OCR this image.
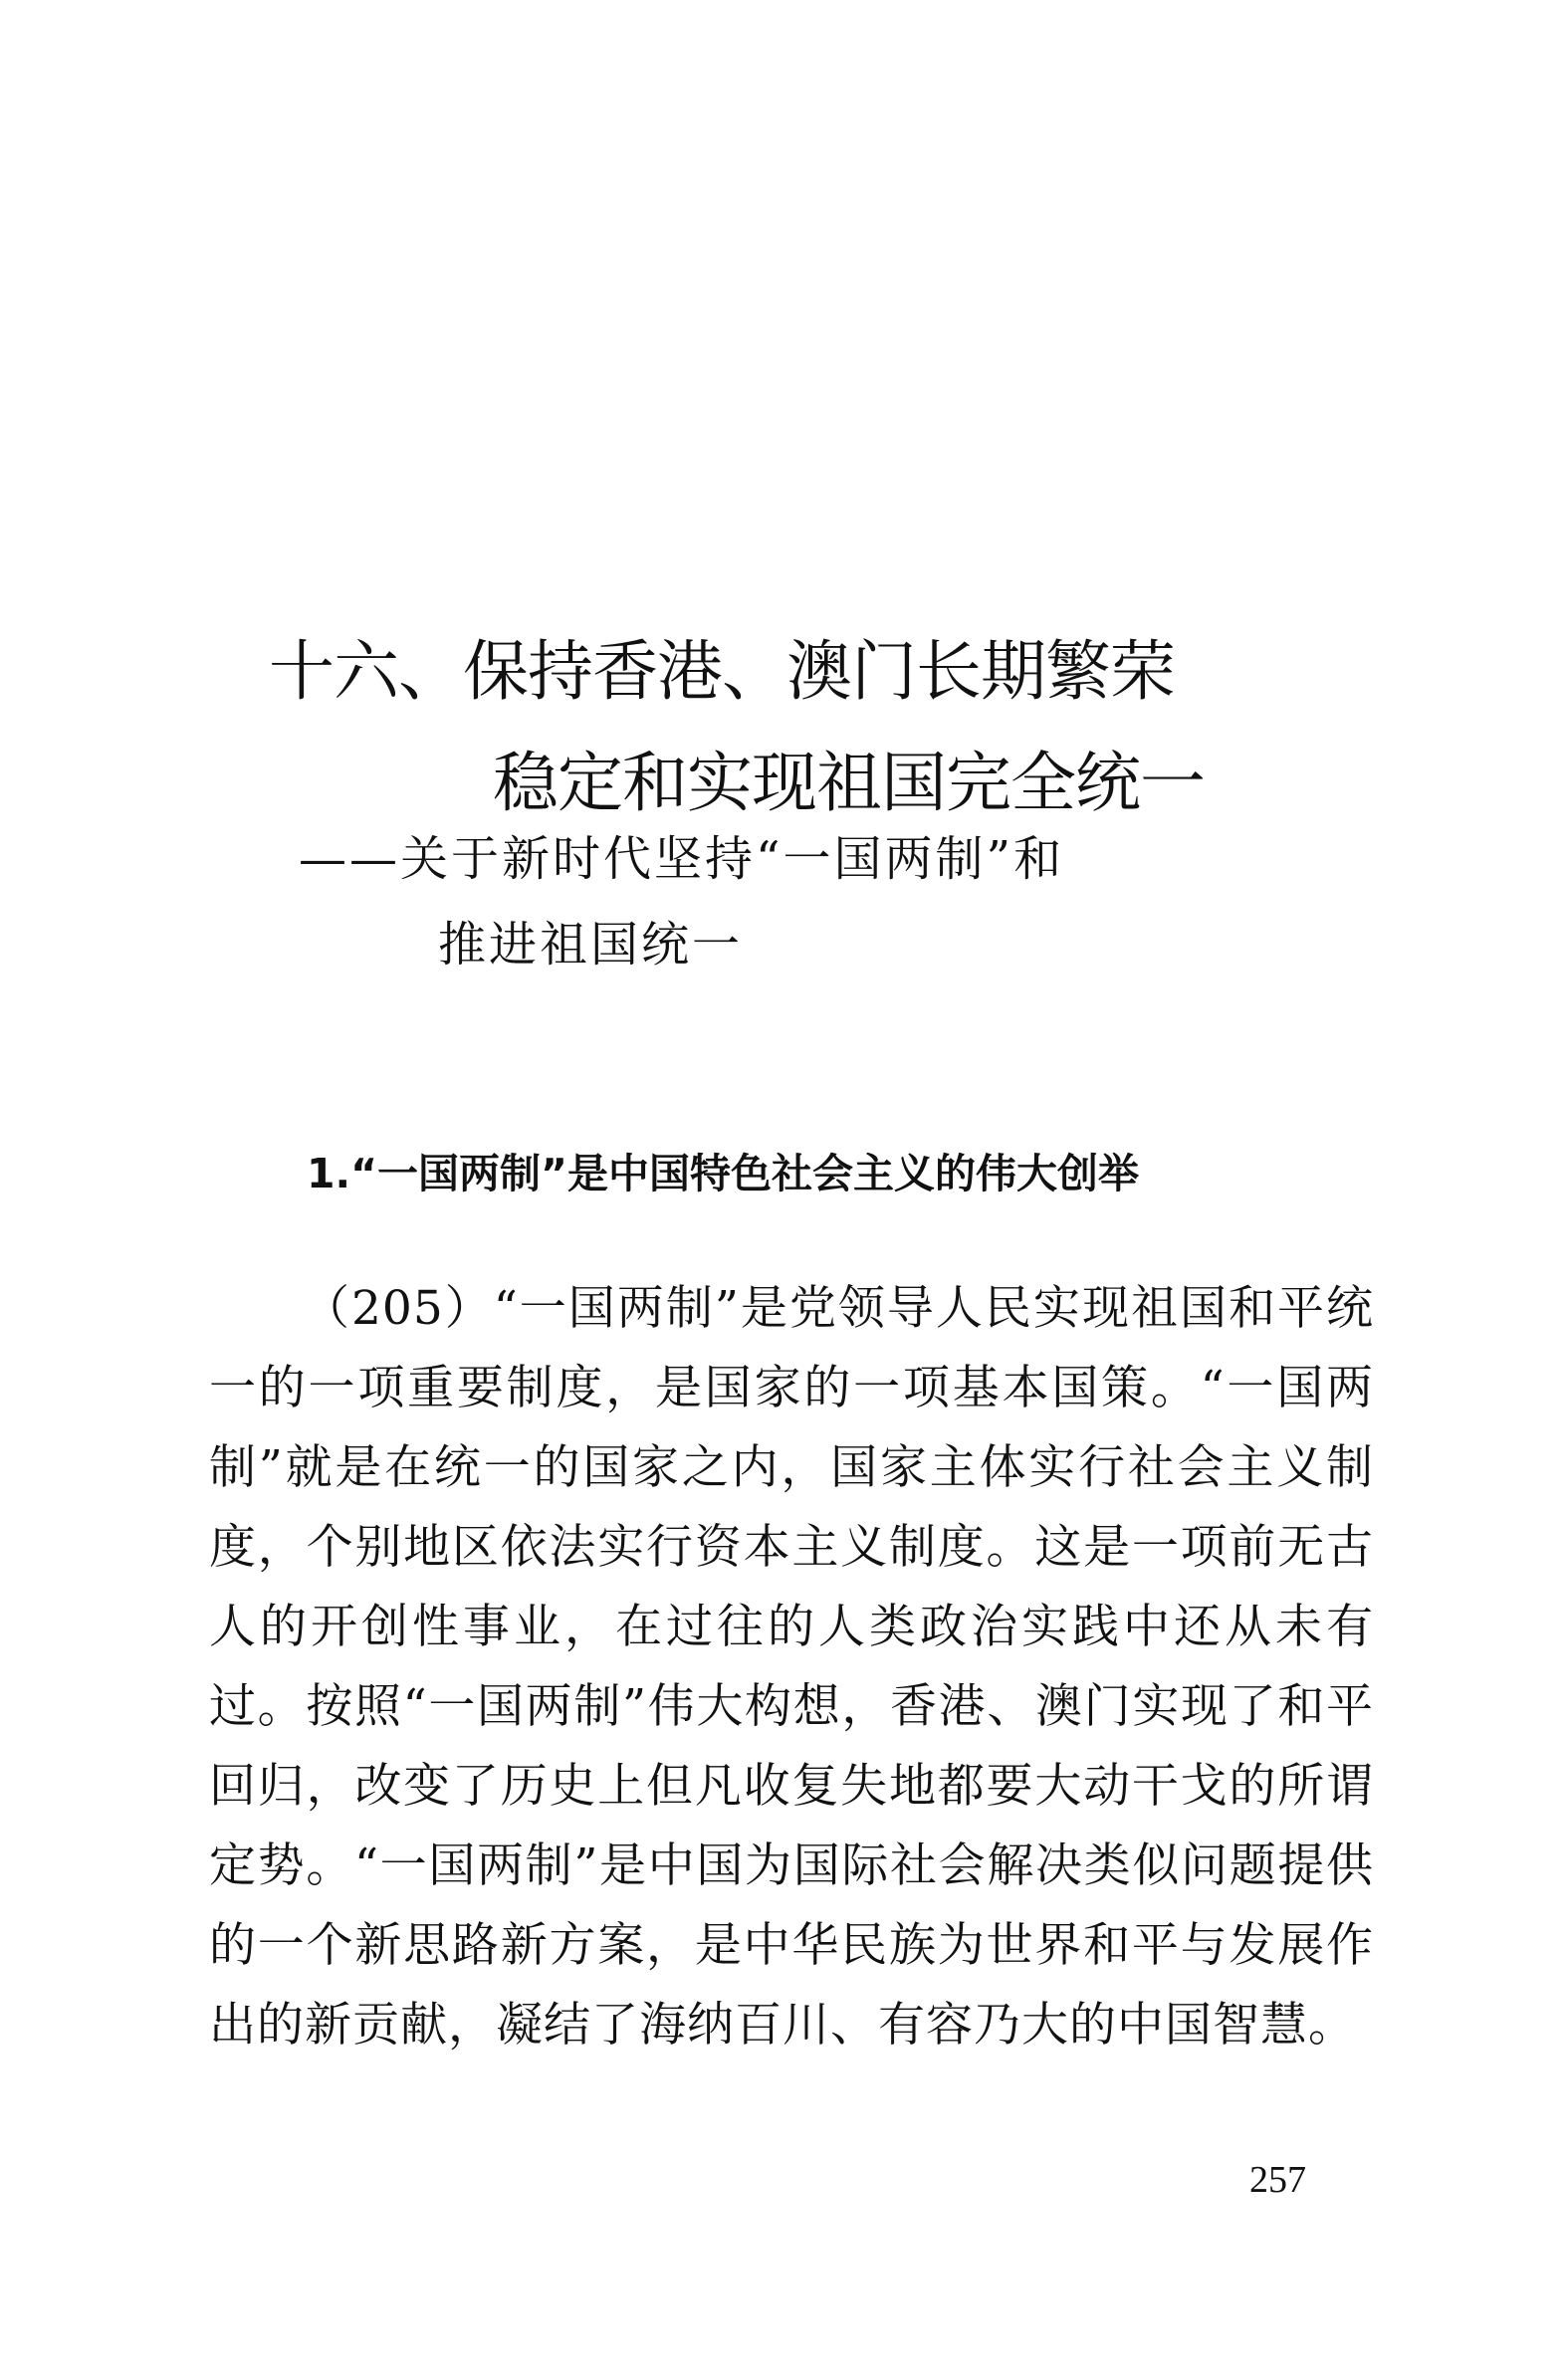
十六、保持香港、澳门长期繁荣
稳定和实现祖国完全统一
——关于新时代坚持“一国两制”和
推进祖国统一
1.“一国两制”是中国特色社会主义的伟大创举

（205）“一国两制”是党领导人民实现祖国和平统一的一项重要制度，是国家的一项基本国策。“一国两制”就是在统一的国家之内，国家主体实行社会主义制度，个别地区依法实行资本主义制度。这是一项前无古人的开创性事业，在过往的人类政治实践中还从未有过。按照“一国两制”伟大构想，香港、澳门实现了和平回归，改变了历史上但凡收复失地都要大动干戈的所谓定势。“一国两制”是中国为国际社会解决类似问题提供的一个新思路新方案，是中华民族为世界和平与发展作出的新贡献，凝结了海纳百川、有容乃大的中国智慧。

257
